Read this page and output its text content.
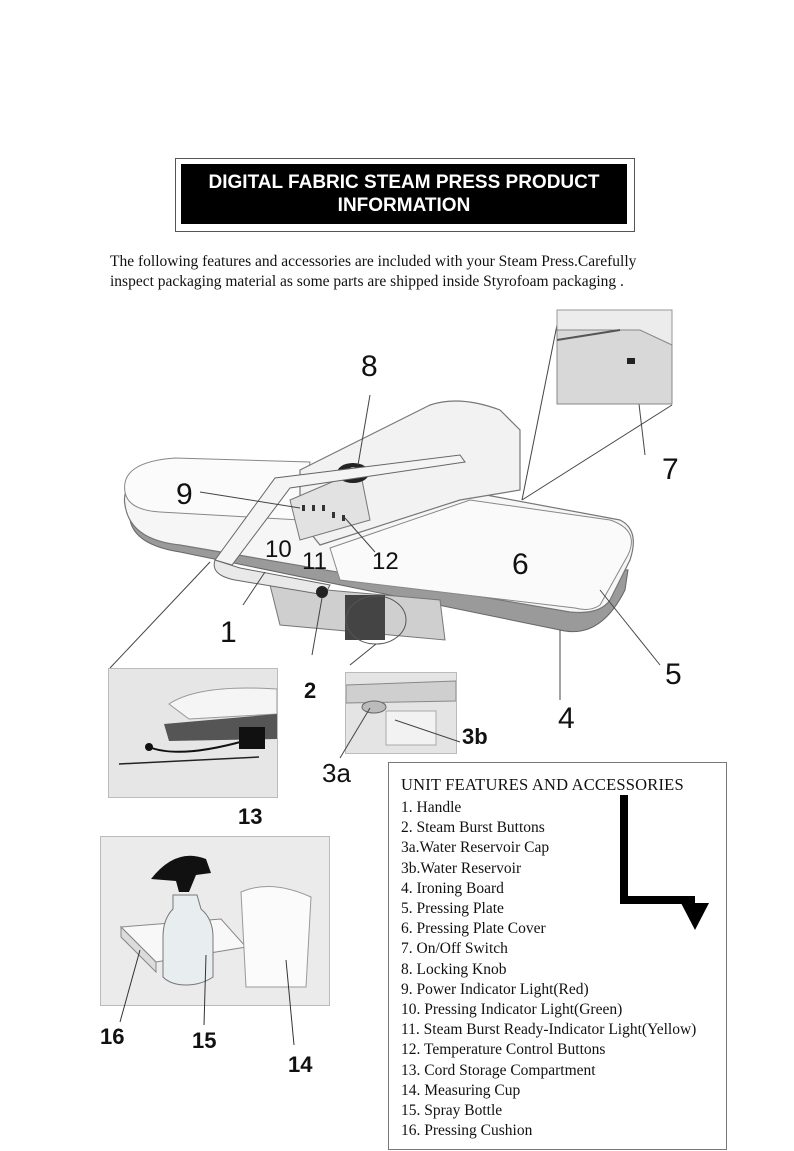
DIGITAL FABRIC STEAM PRESS PRODUCT
INFORMATION
The following features and accessories are included with your Steam Press.Carefully
inspect packaging material as some parts are shipped inside Styrofoam packaging .
8
9
10 11 12	6
7
1
5
4
2
13
3b
3a
16	15
14
UNIT FEATURES AND ACCESSORIES
1. Handle
2. Steam Burst Buttons
3a.Water Reservoir Cap
3b.Water Reservoir
4. Ironing Board
5. Pressing Plate
6. Pressing Plate Cover
7. On/Off Switch
8. Locking Knob
9. Power Indicator Light(Red)
10. Pressing Indicator Light(Green)
11. Steam Burst Ready-Indicator Light(Yellow)
12. Temperature Control Buttons
13. Cord Storage Compartment
14. Measuring Cup
15. Spray Bottle
16. Pressing Cushion
